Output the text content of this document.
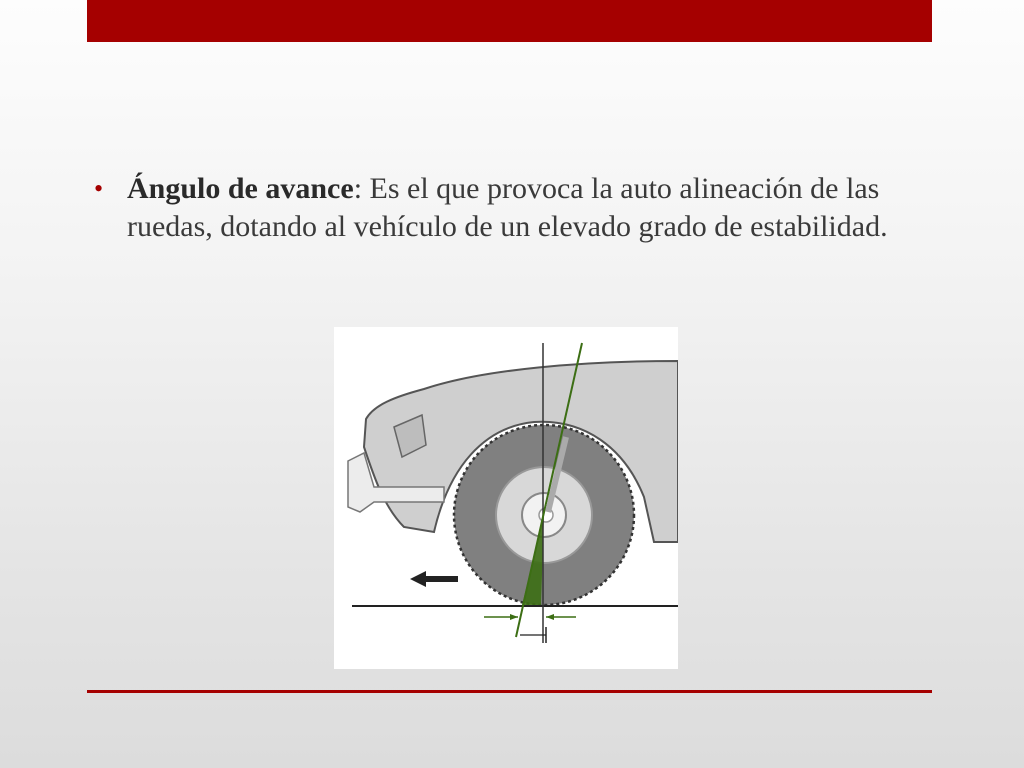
• Ángulo de avance: Es el que provoca la auto alineación de las ruedas, dotando al vehículo de un elevado grado de estabilidad.
